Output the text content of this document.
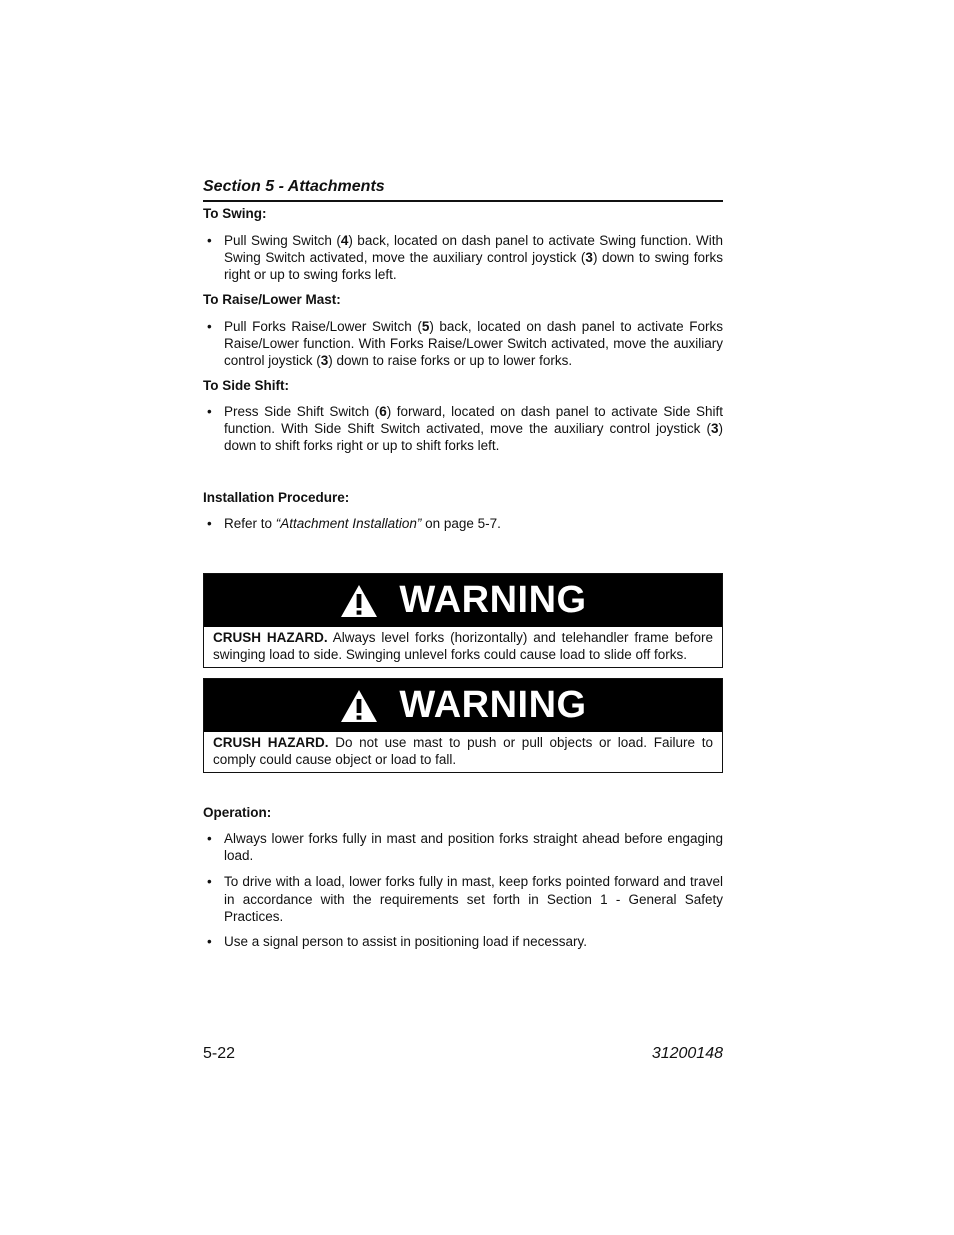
Section 5 - Attachments
To Swing:
• Pull Swing Switch (4) back, located on dash panel to activate Swing function. With Swing Switch activated, move the auxiliary control joystick (3) down to swing forks right or up to swing forks left.
To Raise/Lower Mast:
• Pull Forks Raise/Lower Switch (5) back, located on dash panel to activate Forks Raise/Lower function. With Forks Raise/Lower Switch activated, move the auxiliary control joystick (3) down to raise forks or up to lower forks.
To Side Shift:
• Press Side Shift Switch (6) forward, located on dash panel to activate Side Shift function. With Side Shift Switch activated, move the auxiliary control joystick (3) down to shift forks right or up to shift forks left.
Installation Procedure:
• Refer to “Attachment Installation” on page 5-7.
WARNING
CRUSH HAZARD. Always level forks (horizontally) and telehandler frame before swinging load to side. Swinging unlevel forks could cause load to slide off forks.
WARNING
CRUSH HAZARD. Do not use mast to push or pull objects or load. Failure to comply could cause object or load to fall.
Operation:
• Always lower forks fully in mast and position forks straight ahead before engaging load.
• To drive with a load, lower forks fully in mast, keep forks pointed forward and travel in accordance with the requirements set forth in Section 1 - General Safety Practices.
• Use a signal person to assist in positioning load if necessary.
5-22	31200148
